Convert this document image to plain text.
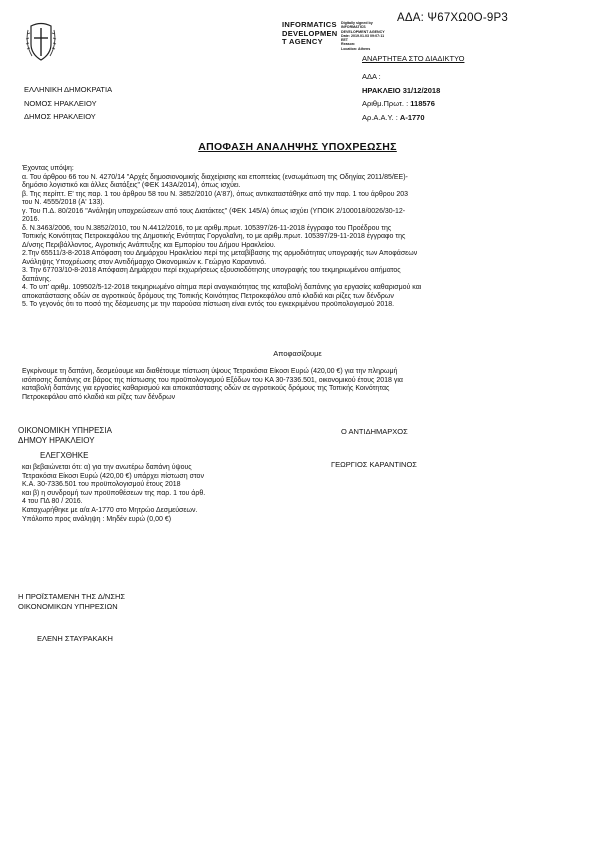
ΑΔΑ: Ψ67ΧΩ0Ο-9Ρ3
INFORMATICS
DEVELOPMEN
T AGENCY
Digitally signed by
INFORMATICS
DEVELOPMENT AGENCY
Date: 2019.01.03 09:07:11
EET
Reason:
Location: Athens
ΑΝΑΡΤΗΤΕΑ ΣΤΟ ΔΙΑΔΙΚΤΥΟ
ΕΛΛΗΝΙΚΗ ΔΗΜΟΚΡΑΤΙΑ
ΝΟΜΟΣ ΗΡΑΚΛΕΙΟΥ
ΔΗΜΟΣ ΗΡΑΚΛΕΙΟΥ
ΑΔΑ :
ΗΡΑΚΛΕΙΟ 31/12/2018
Αριθμ.Πρωτ. : 118576
Αρ.Α.Α.Υ. : Α-1770
ΑΠΟΦΑΣΗ ΑΝΑΛΗΨΗΣ ΥΠΟΧΡΕΩΣΗΣ

Έχοντας υπόψη:

α. Του άρθρου 66 του Ν. 4270/14 "Αρχές δημοσιονομικής διαχείρισης και εποπτείας (ενσωμάτωση της Οδηγίας 2011/85/ΕΕ)-

δημόσιο λογιστικό και άλλες διατάξεις" (ΦΕΚ 143Α/2014), όπως ισχύει.

β. Της περίπτ. Ε' της παρ. 1 του άρθρου 58 του Ν. 3852/2010 (Α'87), όπως αντικαταστάθηκε από την παρ. 1 του άρθρου 203

του Ν. 4555/2018 (Α' 133).

γ. Του Π.Δ. 80/2016 "Ανάληψη υποχρεώσεων από τους Διατάκτες" (ΦΕΚ 145/Α) όπως ισχύει (ΥΠΟΙΚ 2/100018/0026/30-12-

2016.

δ. Ν.3463/2006, του Ν.3852/2010, του Ν.4412/2016, το με αριθμ.πρωτ. 105397/26-11-2018 έγγραφο του Προέδρου της

Τοπικής Κοινότητας Πετροκεφάλου της Δημοτικής Ενότητας Γοργολαΐνη, το με αριθμ.πρωτ. 105397/29-11-2018 έγγραφο της

Δ/νσης Περιβάλλοντος, Αγροτικής Ανάπτυξης και Εμπορίου του Δήμου Ηρακλείου.

2.Την 65511/3-8-2018 Απόφαση του Δημάρχου Ηρακλείου περί της μεταβίβασης της αρμοδιότητας υπογραφής των Αποφάσεων

Ανάληψης Υποχρέωσης στον Αντιδήμαρχο Οικονομικών κ. Γεώργιο Καραντινό.

3. Την 67703/10-8-2018 Απόφαση Δημάρχου περί εκχωρήσεως εξουσιοδότησης υπογραφής του τεκμηριωμένου αιτήματος

δαπάνης.

4. Το υπ' αριθμ. 109502/5-12-2018 τεκμηριωμένο αίτημα περί αναγκαιότητας της καταβολή δαπάνης για εργασίες καθαρισμού και

αποκατάστασης οδών σε αγροτικούς δρόμους της Τοπικής Κοινότητας Πετροκεφάλου από κλαδιά και ρίζες των δένδρων

5. Το γεγονός ότι το ποσό της δέσμευσης με την παρούσα πίστωση είναι εντός του εγκεκριμένου προϋπολογισμού 2018.

Αποφασίζουμε
Εγκρίνουμε τη δαπάνη, δεσμεύουμε και διαθέτουμε πίστωση ύψους Τετρακόσια Είκοσι Ευρώ (420,00 €) για την πληρωμή
ισόποσης δαπάνης σε βάρος της πίστωσης του προϋπολογισμού Εξόδων του ΚΑ 30-7336.501, οικονομικού έτους 2018 για
καταβολή δαπάνης για εργασίες καθαρισμού και αποκατάστασης οδών σε αγροτικούς δρόμους της Τοπικής Κοινότητας
Πετροκεφάλου από κλαδιά και ρίζες των δένδρων
ΟΙΚΟΝΟΜΙΚΗ ΥΠΗΡΕΣΙΑ
ΔΗΜΟΥ ΗΡΑΚΛΕΙΟΥ
Ο ΑΝΤΙΔΗΜΑΡΧΟΣ
ΕΛΕΓΧΘΗΚΕ
ΓΕΩΡΓΙΟΣ ΚΑΡΑΝΤΙΝΟΣ
και βεβαιώνεται ότι: α) για την ανωτέρω δαπάνη ύψους
Τετρακόσια Είκοσι Ευρώ (420,00 €) υπάρχει πίστωση στον
Κ.Α. 30-7336.501 του προϋπολογισμού έτους 2018
και β) η συνδρομή των προϋποθέσεων της παρ. 1 του άρθ.
4 του ΠΔ 80 / 2016.
Καταχωρήθηκε με α/α Α-1770 στο Μητρώο Δεσμεύσεων.
Υπόλοιπο προς ανάληψη : Μηδέν ευρώ (0,00 €)
Η ΠΡΟΪΣΤΑΜΕΝΗ ΤΗΣ Δ/ΝΣΗΣ
ΟΙΚΟΝΟΜΙΚΩΝ ΥΠΗΡΕΣΙΩΝ
ΕΛΕΝΗ ΣΤΑΥΡΑΚΑΚΗ
